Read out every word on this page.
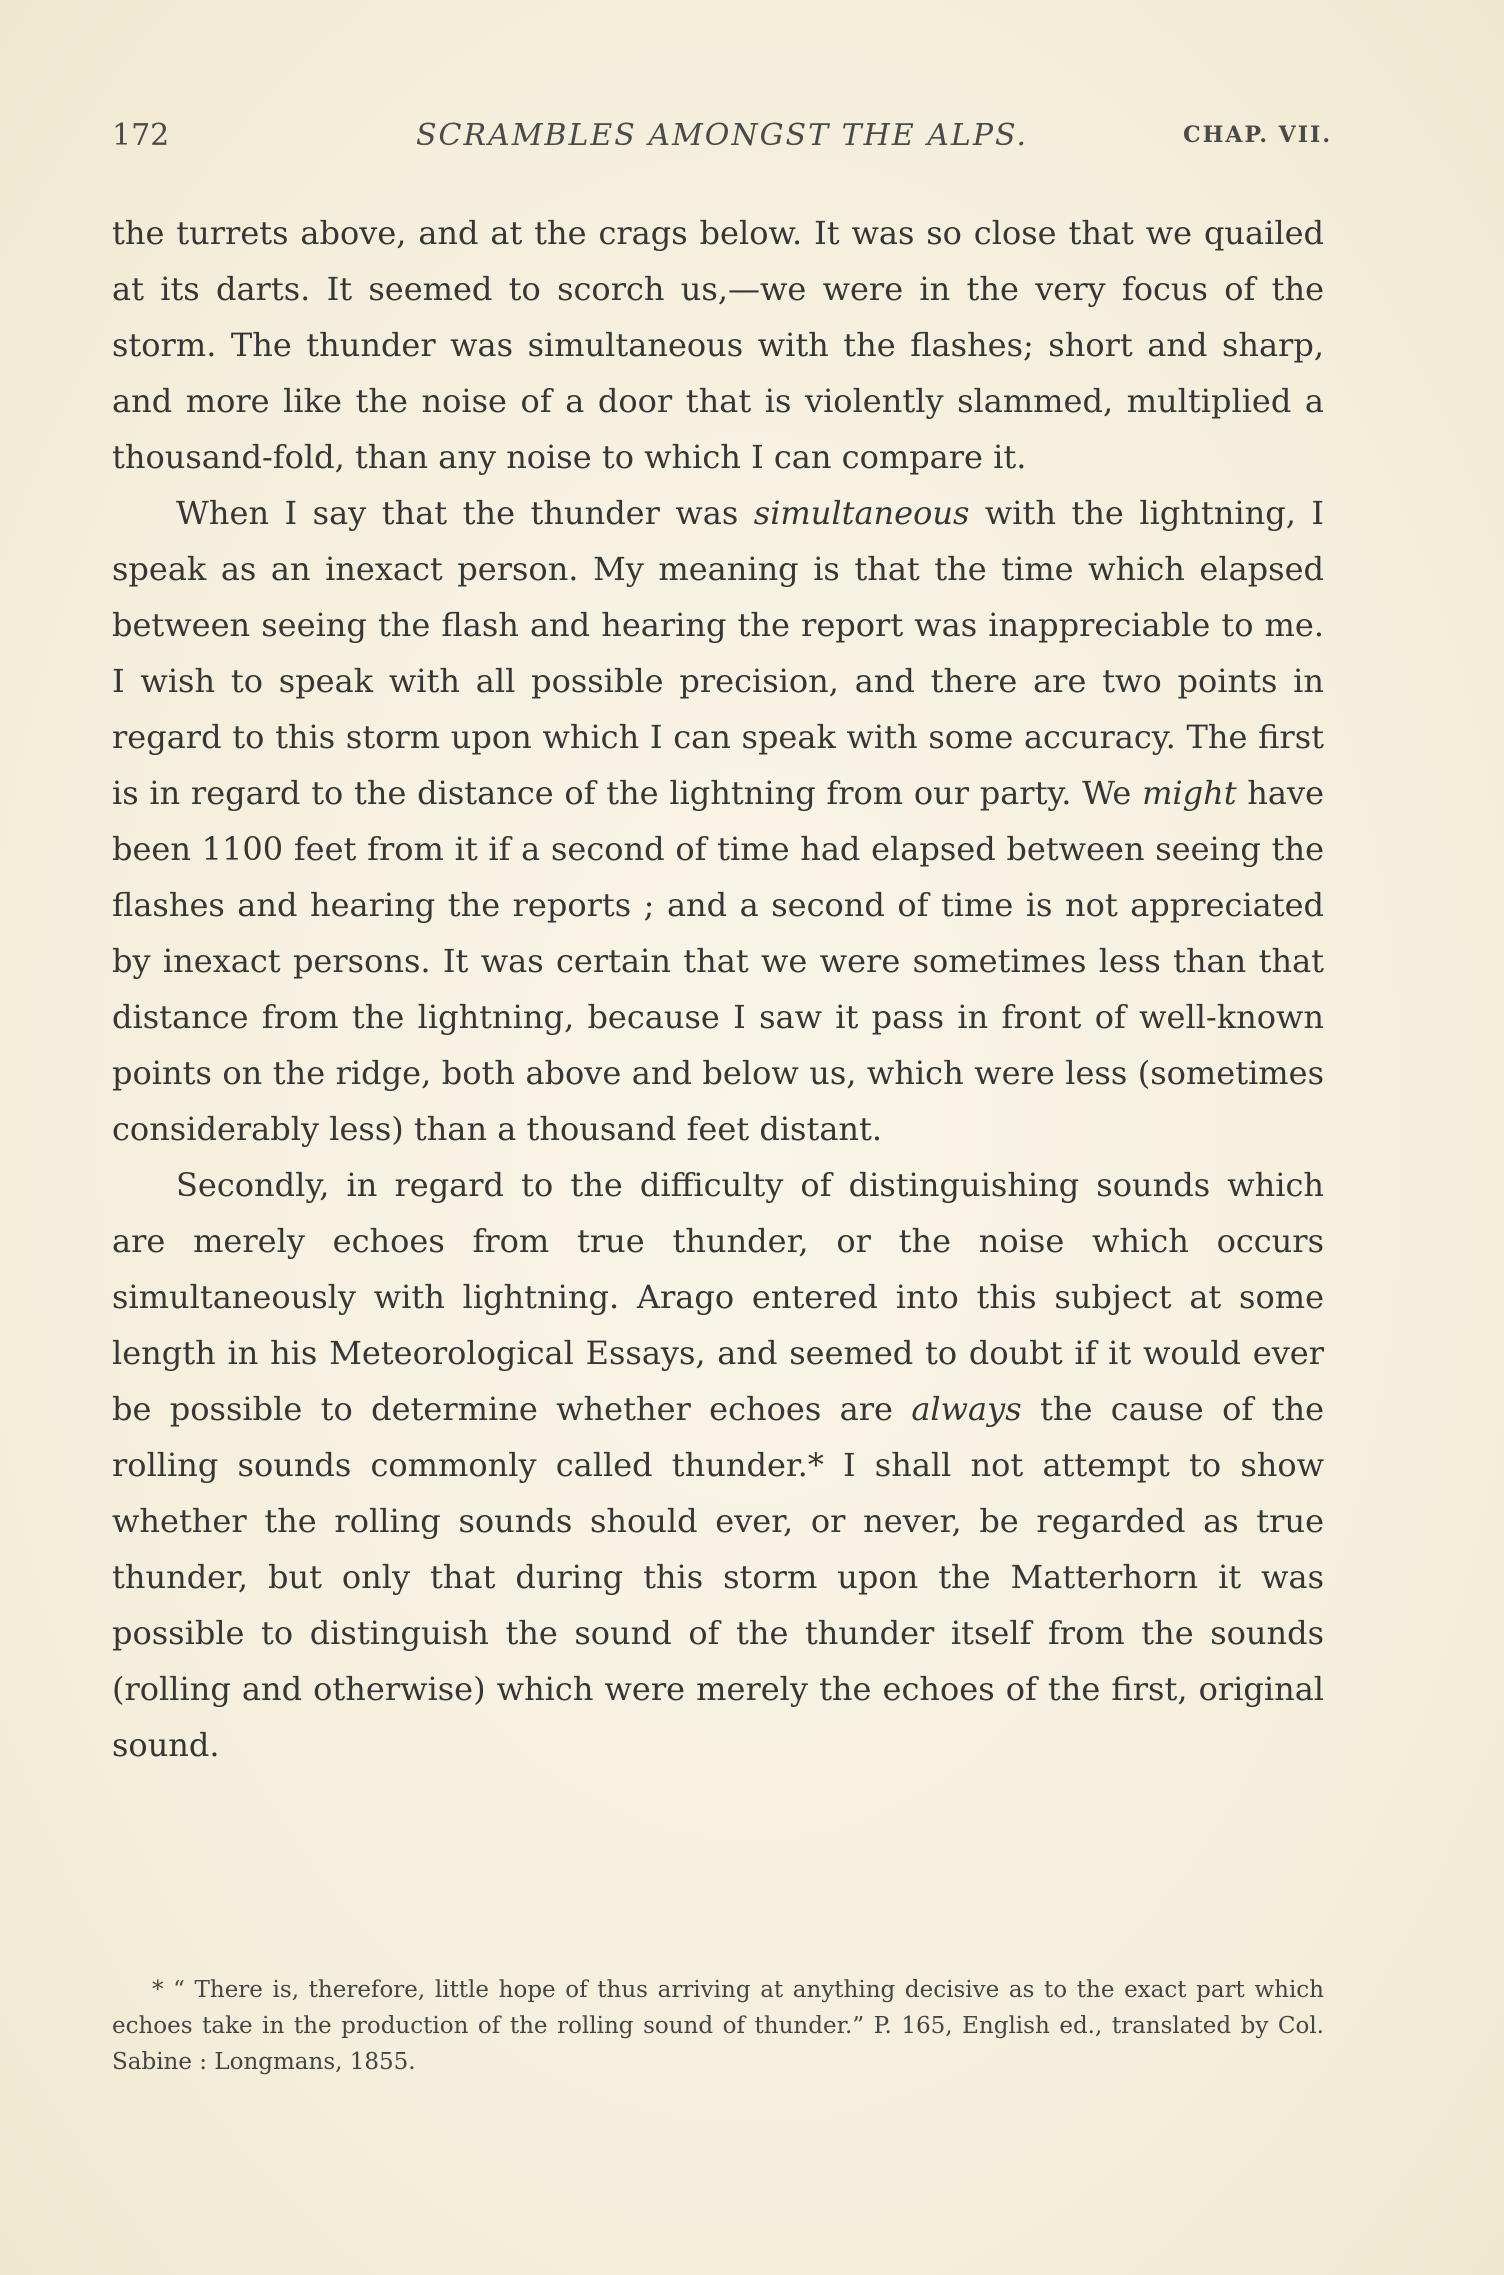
172	SCRAMBLES AMONGST THE ALPS.	CHAP. VII.

the turrets above, and at the crags below. It was so close that we quailed at its darts. It seemed to scorch us,—we were in the very focus of the storm. The thunder was simultaneous with the flashes; short and sharp, and more like the noise of a door that is violently slammed, multiplied a thousand-fold, than any noise to which I can compare it.

When I say that the thunder was simultaneous with the lightning, I speak as an inexact person. My meaning is that the time which elapsed between seeing the flash and hearing the report was inappreciable to me. I wish to speak with all possible precision, and there are two points in regard to this storm upon which I can speak with some accuracy. The first is in regard to the distance of the lightning from our party. We might have been 1100 feet from it if a second of time had elapsed between seeing the flashes and hearing the reports ; and a second of time is not appreciated by inexact persons. It was certain that we were sometimes less than that distance from the lightning, because I saw it pass in front of well-known points on the ridge, both above and below us, which were less (sometimes considerably less) than a thousand feet distant.

Secondly, in regard to the difficulty of distinguishing sounds which are merely echoes from true thunder, or the noise which occurs simultaneously with lightning. Arago entered into this subject at some length in his Meteorological Essays, and seemed to doubt if it would ever be possible to determine whether echoes are always the cause of the rolling sounds commonly called thunder.* I shall not attempt to show whether the rolling sounds should ever, or never, be regarded as true thunder, but only that during this storm upon the Matterhorn it was possible to distinguish the sound of the thunder itself from the sounds (rolling and otherwise) which were merely the echoes of the first, original sound.

* “ There is, therefore, little hope of thus arriving at anything decisive as to the exact part which echoes take in the production of the rolling sound of thunder.” P. 165, English ed., translated by Col. Sabine : Longmans, 1855.
